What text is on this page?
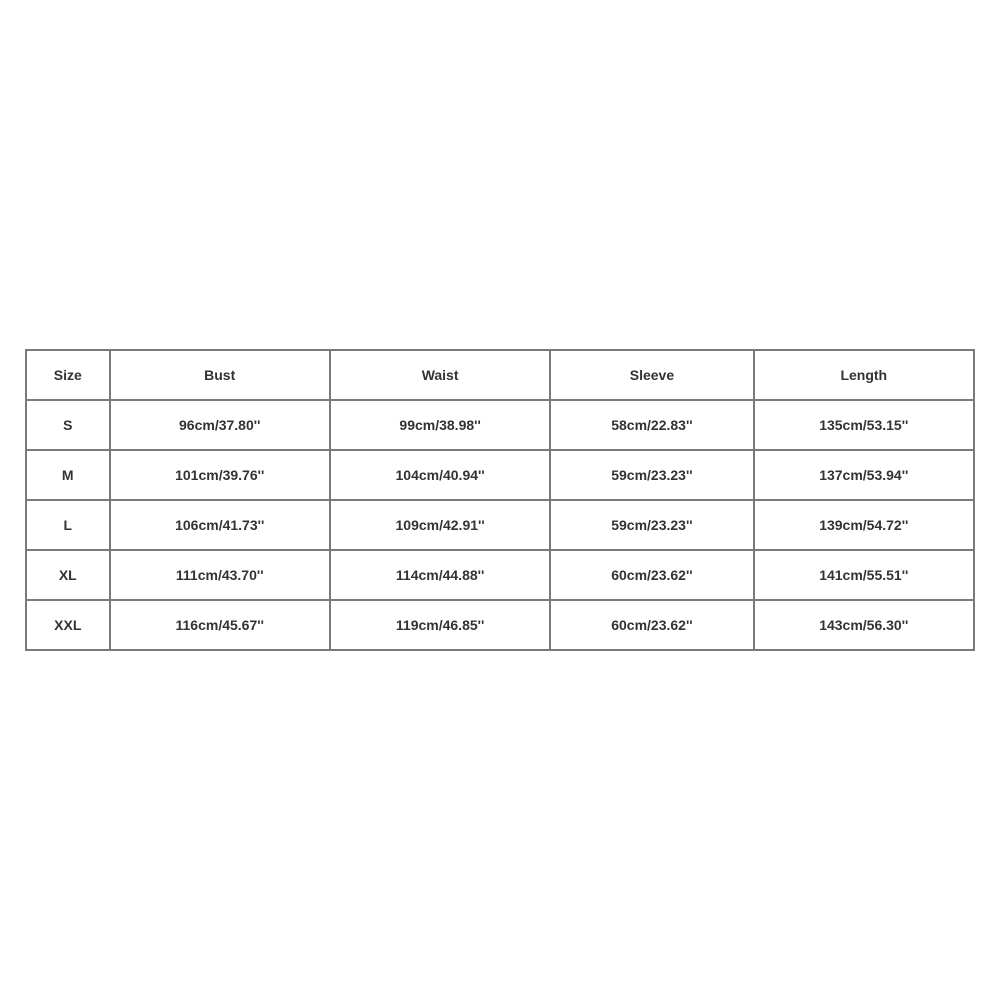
Size	Bust	Waist	Sleeve	Length
S	96cm/37.80''	99cm/38.98''	58cm/22.83''	135cm/53.15''
M	101cm/39.76''	104cm/40.94''	59cm/23.23''	137cm/53.94''
L	106cm/41.73''	109cm/42.91''	59cm/23.23''	139cm/54.72''
XL	111cm/43.70''	114cm/44.88''	60cm/23.62''	141cm/55.51''
XXL	116cm/45.67''	119cm/46.85''	60cm/23.62''	143cm/56.30''
